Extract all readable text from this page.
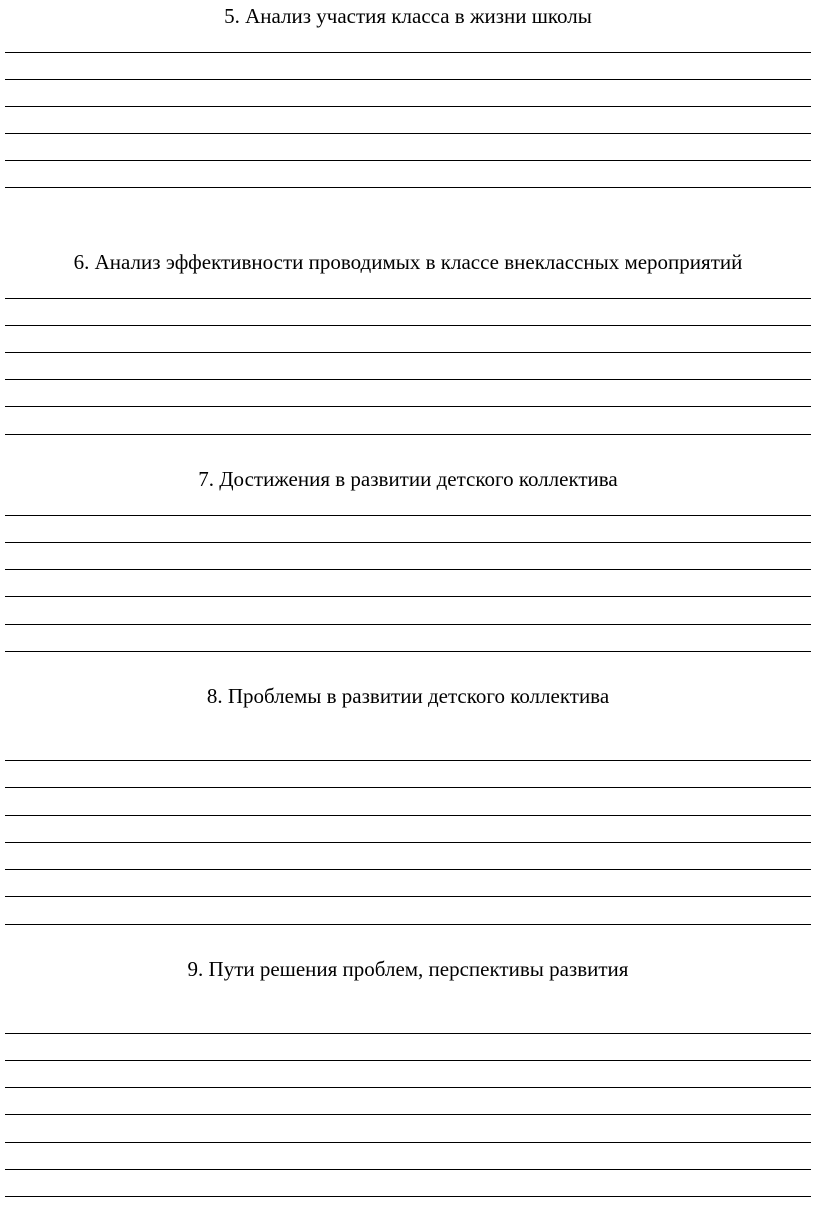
5. Анализ участия класса в жизни школы
6. Анализ эффективности проводимых в классе внеклассных мероприятий
7. Достижения в развитии детского коллектива
8. Проблемы в развитии детского коллектива
9. Пути решения проблем, перспективы развития
